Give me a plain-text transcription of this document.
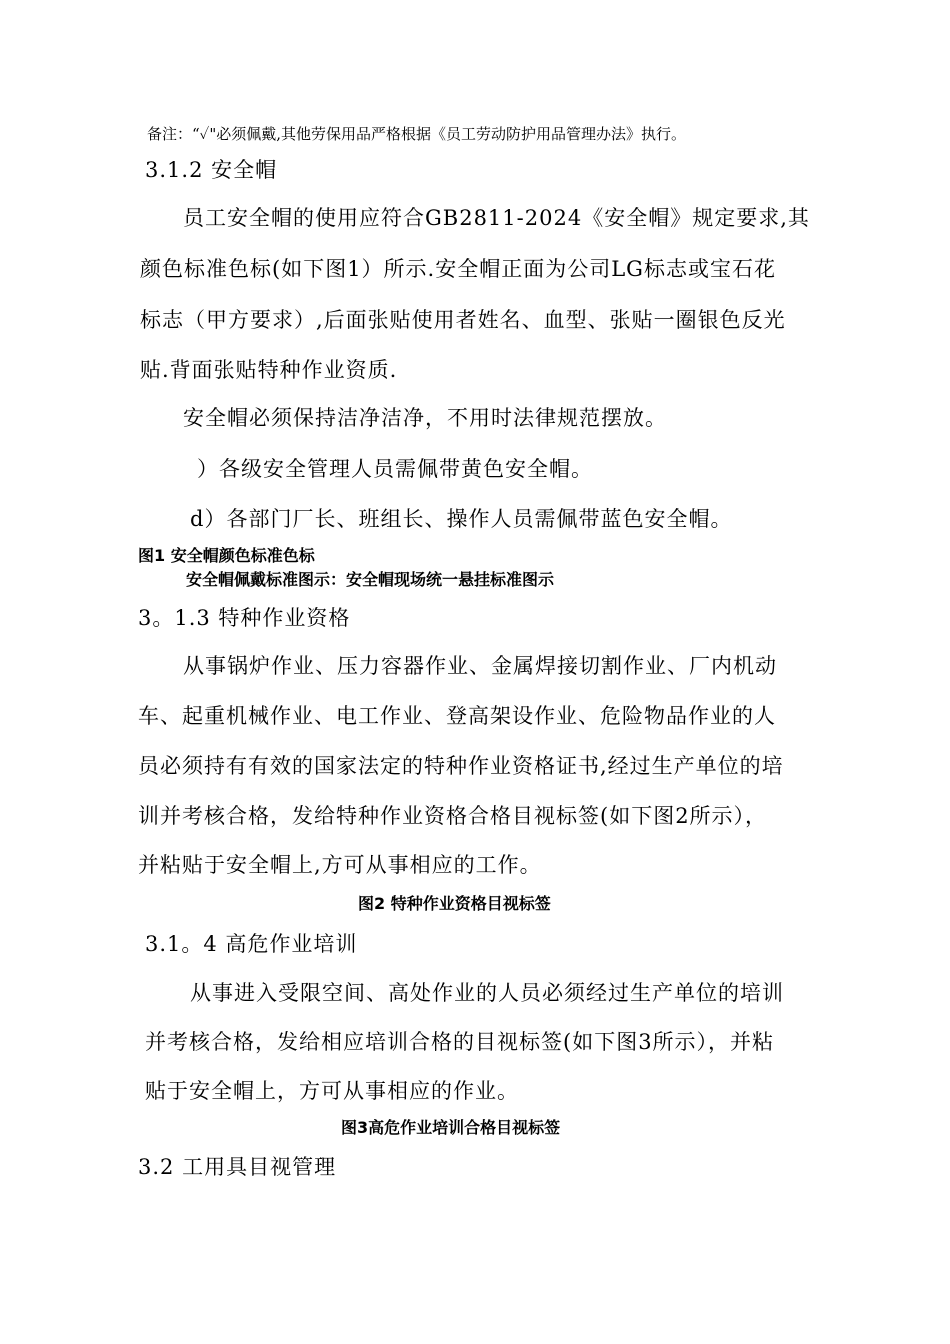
备注：“✓"必须佩戴,其他劳保用品严格根据《员工劳动防护用品管理办法》执行。
3.1.2 安全帽
员工安全帽的使用应符合GB2811-2024《安全帽》规定要求,其
颜色标准色标(如下图1）所示.安全帽正面为公司LG标志或宝石花
标志（甲方要求）,后面张贴使用者姓名、血型、张贴一圈银色反光
贴.背面张贴特种作业资质.
安全帽必须保持洁净洁净，不用时法律规范摆放。
）各级安全管理人员需佩带黄色安全帽。
d）各部门厂长、班组长、操作人员需佩带蓝色安全帽。
图1 安全帽颜色标准色标
安全帽佩戴标准图示：安全帽现场统一悬挂标准图示
3。1.3 特种作业资格
从事锅炉作业、压力容器作业、金属焊接切割作业、厂内机动
车、起重机械作业、电工作业、登高架设作业、危险物品作业的人
员必须持有有效的国家法定的特种作业资格证书,经过生产单位的培
训并考核合格，发给特种作业资格合格目视标签(如下图2所示），
并粘贴于安全帽上,方可从事相应的工作。
图2 特种作业资格目视标签
3.1。4 高危作业培训
从事进入受限空间、高处作业的人员必须经过生产单位的培训
并考核合格，发给相应培训合格的目视标签(如下图3所示），并粘
贴于安全帽上，方可从事相应的作业。
图3高危作业培训合格目视标签
3.2 工用具目视管理
